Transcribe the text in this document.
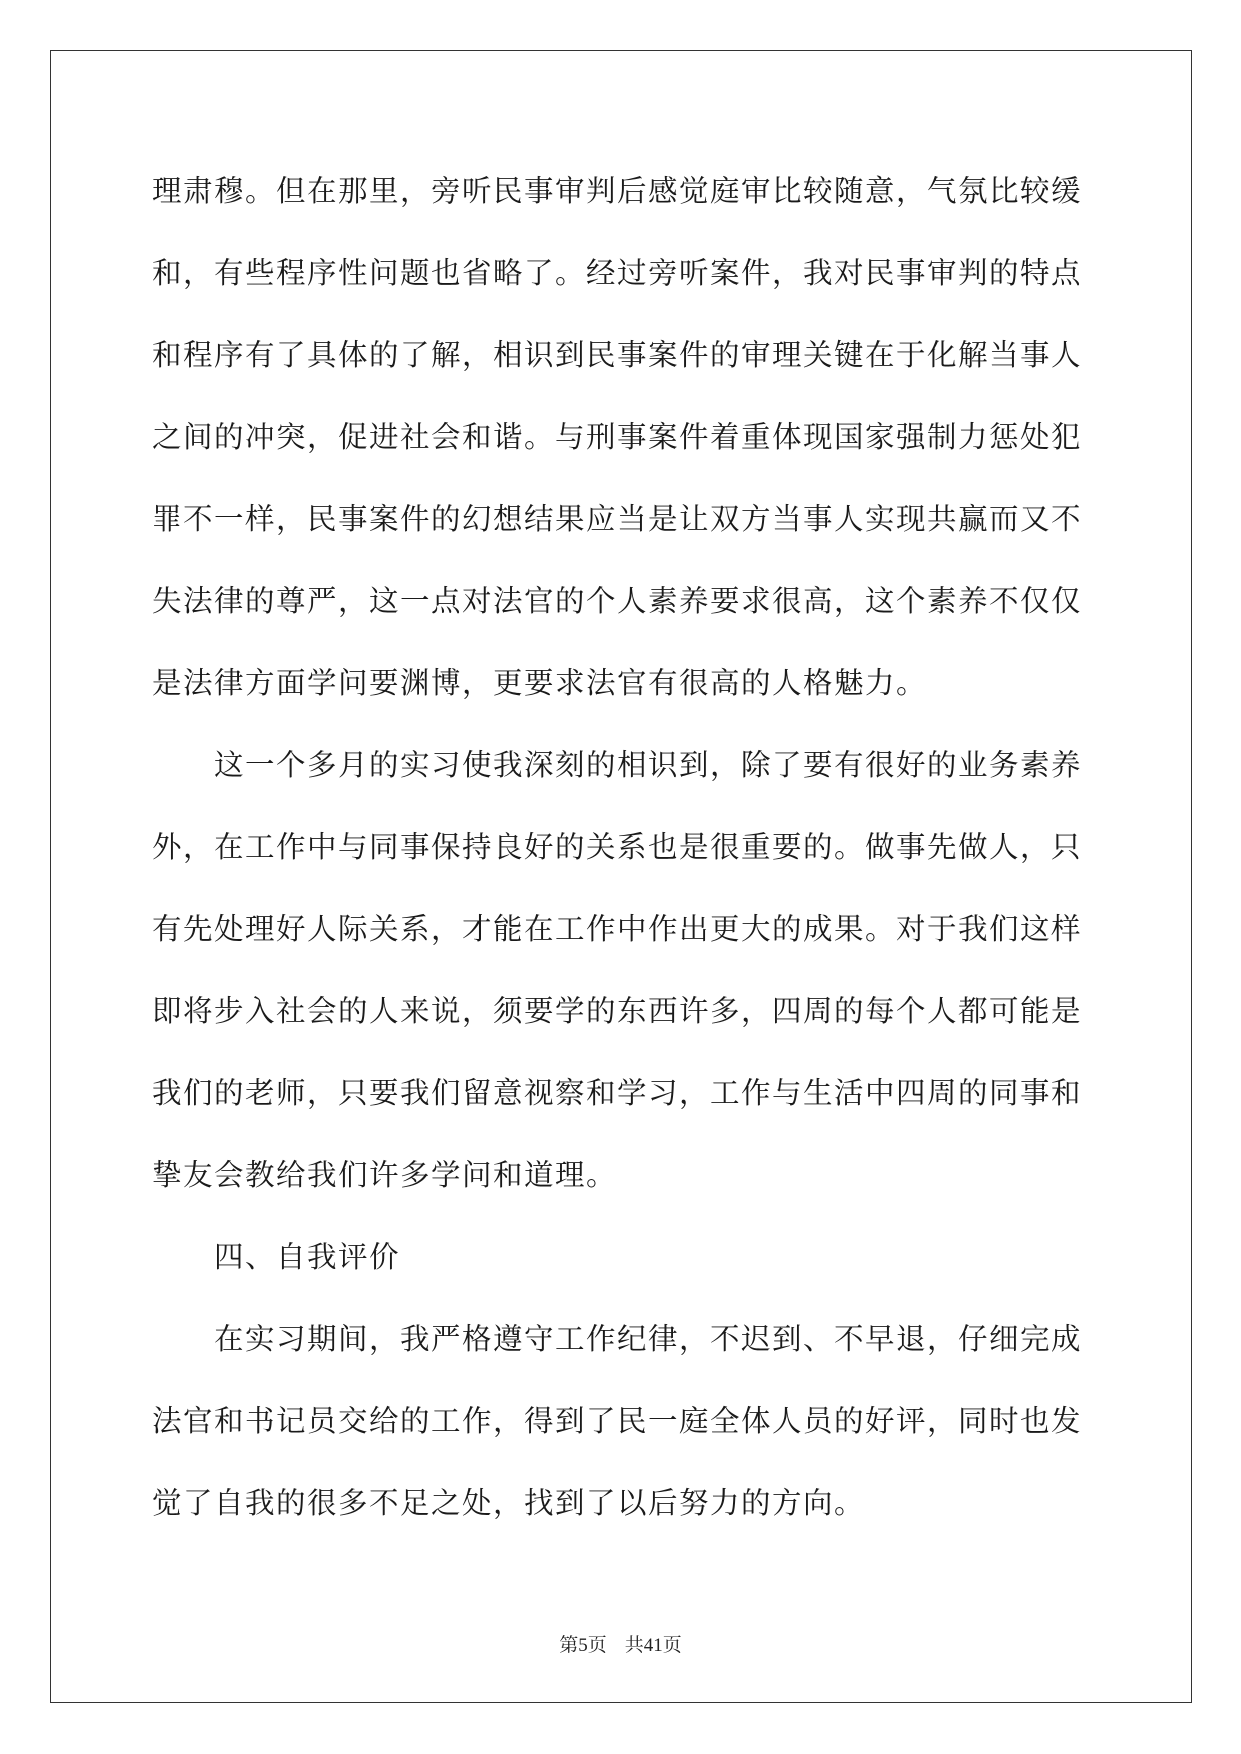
理肃穆。但在那里，旁听民事审判后感觉庭审比较随意，气氛比较缓
和，有些程序性问题也省略了。经过旁听案件，我对民事审判的特点
和程序有了具体的了解，相识到民事案件的审理关键在于化解当事人
之间的冲突，促进社会和谐。与刑事案件着重体现国家强制力惩处犯
罪不一样，民事案件的幻想结果应当是让双方当事人实现共赢而又不
失法律的尊严，这一点对法官的个人素养要求很高，这个素养不仅仅
是法律方面学问要渊博，更要求法官有很高的人格魅力。
这一个多月的实习使我深刻的相识到，除了要有很好的业务素养
外，在工作中与同事保持良好的关系也是很重要的。做事先做人，只
有先处理好人际关系，才能在工作中作出更大的成果。对于我们这样
即将步入社会的人来说，须要学的东西许多，四周的每个人都可能是
我们的老师，只要我们留意视察和学习，工作与生活中四周的同事和
挚友会教给我们许多学问和道理。
四、自我评价
在实习期间，我严格遵守工作纪律，不迟到、不早退，仔细完成
法官和书记员交给的工作，得到了民一庭全体人员的好评，同时也发
觉了自我的很多不足之处，找到了以后努力的方向。
第5页 共41页
